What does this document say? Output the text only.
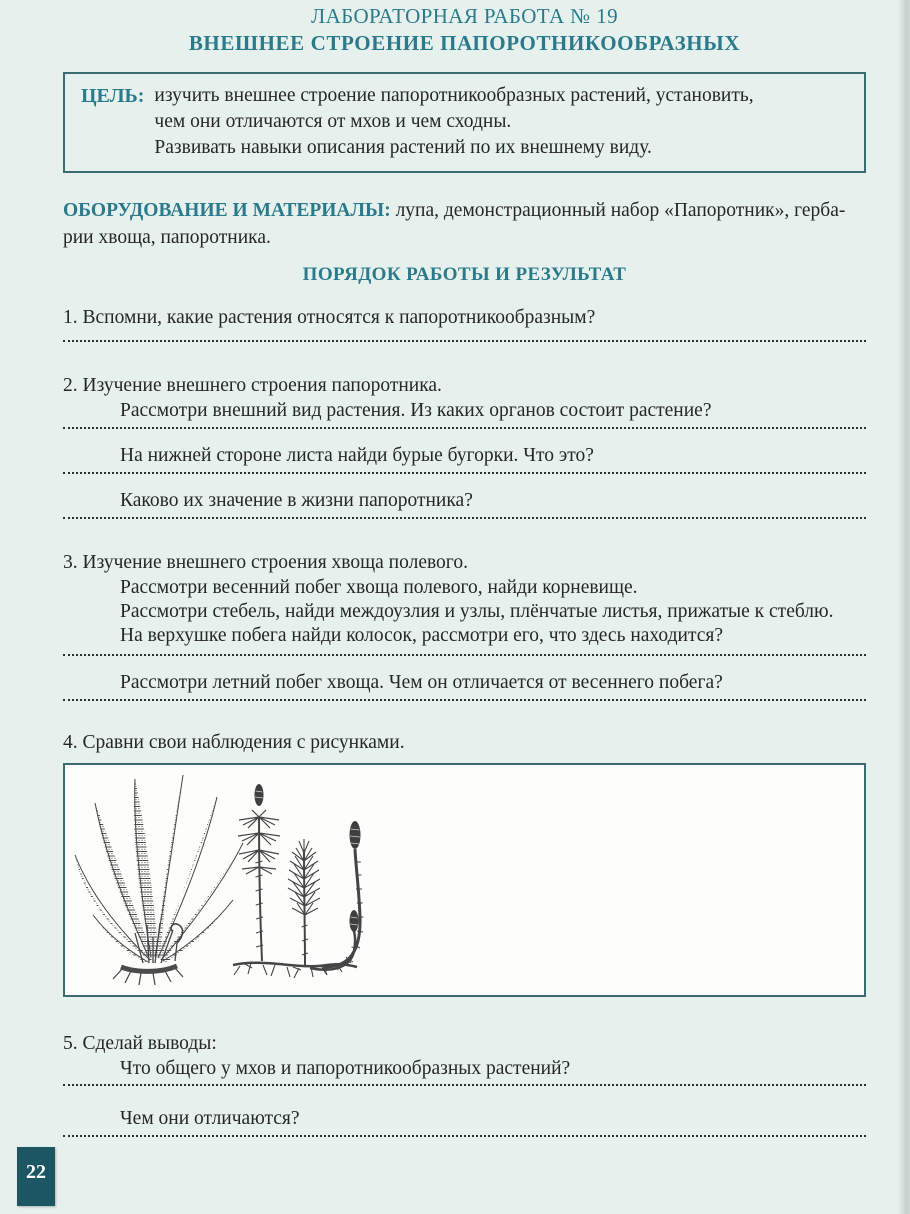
ЛАБОРАТОРНАЯ РАБОТА № 19
ВНЕШНЕЕ СТРОЕНИЕ ПАПОРОТНИКООБРАЗНЫХ
ЦЕЛЬ: изучить внешнее строение папоротникообразных растений, установить,
чем они отличаются от мхов и чем сходны.
Развивать навыки описания растений по их внешнему виду.
ОБОРУДОВАНИЕ И МАТЕРИАЛЫ: лупа, демонстрационный набор «Папоротник», герба-
рии хвоща, папоротника.
ПОРЯДОК РАБОТЫ И РЕЗУЛЬТАТ
1. Вспомни, какие растения относятся к папоротникообразным?
2. Изучение внешнего строения папоротника.
Рассмотри внешний вид растения. Из каких органов состоит растение?
На нижней стороне листа найди бурые бугорки. Что это?
Каково их значение в жизни папоротника?
3. Изучение внешнего строения хвоща полевого.
Рассмотри весенний побег хвоща полевого, найди корневище.
Рассмотри стебель, найди междоузлия и узлы, плёнчатые листья, прижатые к стеблю.
На верхушке побега найди колосок, рассмотри его, что здесь находится?
Рассмотри летний побег хвоща. Чем он отличается от весеннего побега?
4. Сравни свои наблюдения с рисунками.
5. Сделай выводы:
Что общего у мхов и папоротникообразных растений?
Чем они отличаются?
22
